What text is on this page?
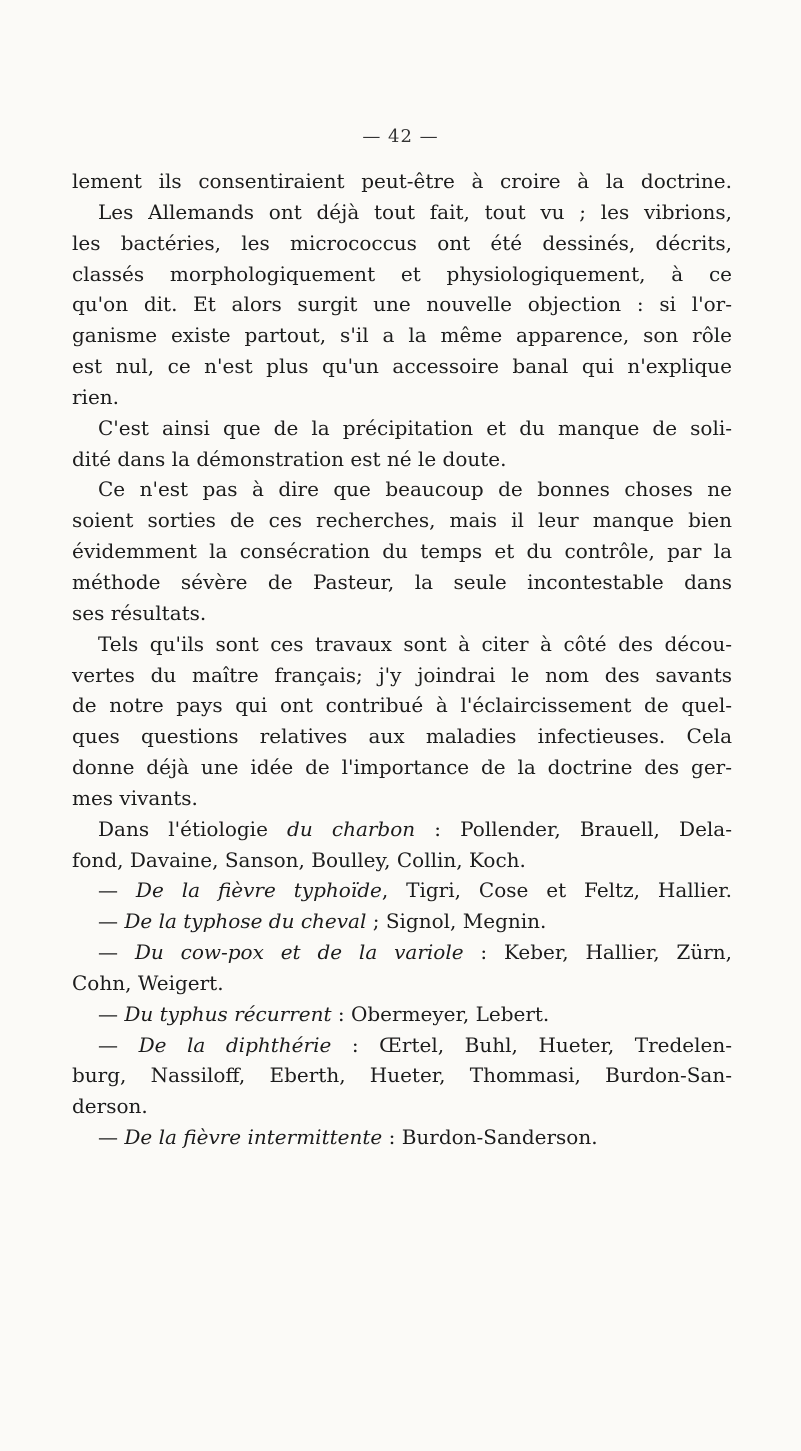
— 42 —
lement ils consentiraient peut-être à croire à la doctrine.
Les Allemands ont déjà tout fait, tout vu ; les vibrions,
les bactéries, les micrococcus ont été dessinés, décrits,
classés morphologiquement et physiologiquement, à ce
qu'on dit. Et alors surgit une nouvelle objection : si l'or-
ganisme existe partout, s'il a la même apparence, son rôle
est nul, ce n'est plus qu'un accessoire banal qui n'explique
rien.
C'est ainsi que de la précipitation et du manque de soli-
dité dans la démonstration est né le doute.
Ce n'est pas à dire que beaucoup de bonnes choses ne
soient sorties de ces recherches, mais il leur manque bien
évidemment la consécration du temps et du contrôle, par la
méthode sévère de Pasteur, la seule incontestable dans
ses résultats.
Tels qu'ils sont ces travaux sont à citer à côté des décou-
vertes du maître français; j'y joindrai le nom des savants
de notre pays qui ont contribué à l'éclaircissement de quel-
ques questions relatives aux maladies infectieuses. Cela
donne déjà une idée de l'importance de la doctrine des ger-
mes vivants.
Dans l'étiologie du charbon : Pollender, Brauell, Dela-
fond, Davaine, Sanson, Boulley, Collin, Koch.
— De la fièvre typhoïde, Tigri, Cose et Feltz, Hallier.
— De la typhose du cheval ; Signol, Megnin.
— Du cow-pox et de la variole : Keber, Hallier, Zürn,
Cohn, Weigert.
— Du typhus récurrent : Obermeyer, Lebert.
— De la diphthérie : Œrtel, Buhl, Hueter, Tredelen-
burg, Nassiloff, Eberth, Hueter, Thommasi, Burdon-San-
derson.
— De la fièvre intermittente : Burdon-Sanderson.
